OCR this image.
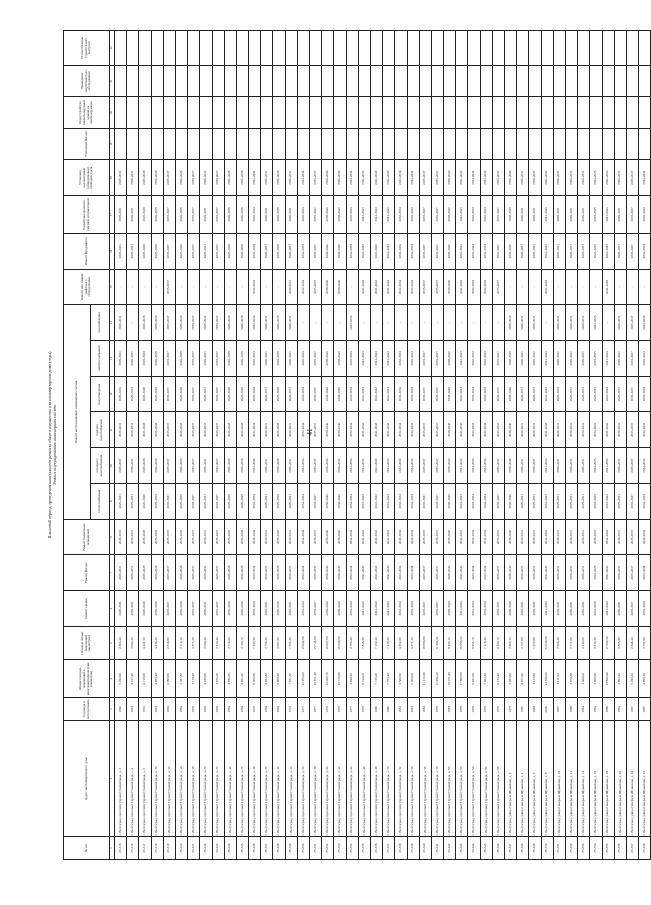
41
Плановый период проведения капитального ремонта общего имущества в многоквартирном доме (годы) Ремонт внутридомовых инженерных систем
№ п/п	Адрес многоквартирного дома	Год ввода в эксплуатацию	Общая площадь помещений в многоквартирном доме (кв.метров)	Площадь жилых помещений (кв.метров)	Ремонт крыши	Ремонт фасада	Ремонт подвальных помещений	Ремонт внутридомовых инженерных систем						Ремонт или замена лифтового оборудования	Ремонт фундамента	Разработка проектно-сметной документации	Установка коллективных (общедомовых) приборов учета	Утепление фасада	Переустройство невентилируемой крыши на вентилируемую	Проведение энергетического обследования	Осуществление строительного контроля
								теплоснабжения	холодного водоснабжения	горячего водоснабжения	водоотведения	электроснабжения	газоснабжения								
1	2	3	4	5	6	7	8	9	10	11	12	13	14	15	16	17	18	19	20	21	22
35.315	г. Волгоград, проспект Героев Сталинграда, д. 2	1960	3 052,90	2 863,40	2029-2031	2029-2031	2029-2031	2029-2031	2029-2031	2029-2031	2029-2031	2029-2031	2029-2031	-	2029-2031	2029-2031	2029-2031				
35.316	г. Волгоград, проспект Героев Сталинграда, д. 4	1961	2 217,40	2 082,40	2029-2031	2029-2031	2029-2031	2029-2031	2029-2031	2029-2031	2029-2031	2029-2031	-	-	2029-2031	2029-2031	2029-2031				
35.317	г. Волгоград, проспект Героев Сталинграда, д. 8	1961	4 719,00	4 421,50	2026-2028	2026-2028	2026-2028	2026-2028	2026-2028	2026-2028	2026-2028	2026-2028	2026-2028	-	2026-2028	2026-2028	2026-2028				
35.318	г. Волгоград, проспект Героев Сталинграда, д. 10	1961	4 695,40	4 436,40	2026-2028	2026-2028	2026-2028	2026-2028	2026-2028	2026-2028	2026-2028	2026-2028	2026-2028	-	2026-2028	2026-2028	2026-2028				
35.319	г. Волгоград, проспект Героев Сталинграда, д. 12	1963	2 995,60	2 810,80	2035-2037	2035-2037	2035-2037	2035-2037	2035-2037	2035-2037	2035-2037	2035-2037	2035-2037	2035-2037	2035-2037	2035-2037	2035-2037				
35.320	г. Волгоград, проспект Героев Сталинграда, д. 14	1964	3 397,80	3 174,10	2026-2028	2026-2028	2026-2028	2026-2028	2026-2028	2026-2028	2026-2028	2026-2028	2026-2028	-	2026-2028	2026-2028	2026-2028				
35.321	г. Волгоград, проспект Героев Сталинграда, д. 18	1970	4 119,40	3 877,20	2035-2037	2035-2037	2035-2037	2035-2037	2035-2037	2035-2037	2035-2037	2035-2037	2035-2037	-	2035-2037	2035-2037	2035-2037				
35.322	г. Волгоград, проспект Героев Сталинграда, д. 20	1963	3 259,90	3 050,30	2029-2031	2029-2031	2029-2031	2029-2031	2029-2031	2029-2031	2029-2031	2029-2031	2029-2031	-	2029-2031	2029-2031	2029-2031				
35.323	г. Волгоград, проспект Героев Сталинграда, д. 22	1970	2 676,30	2 510,40	2035-2037	2035-2037	2035-2037	2035-2037	2035-2037	2035-2037	2035-2037	2035-2037	2035-2037	-	2035-2037	2035-2037	2035-2037				
35.324	г. Волгоград, проспект Героев Сталинграда, д. 24	1964	2 956,80	2 774,60	2026-2028	2026-2028	2026-2028	2026-2028	2026-2028	2026-2028	2026-2028	2026-2028	2026-2028	-	2026-2028	2026-2028	2026-2028				
35.325	г. Волгоград, проспект Героев Сталинграда, д. 26	1964	2 961,40	2 783,70	2026-2028	2026-2028	2026-2028	2026-2028	2026-2028	2026-2028	2026-2028	2026-2028	2026-2028	-	2026-2028	2026-2028	2026-2028				
35.326	г. Волгоград, проспект Героев Сталинграда, д. 28	1970	8 306,80	7 613,50	2032-2034	2032-2034	2032-2034	2032-2034	2032-2034	2032-2034	2032-2034	2032-2034	2032-2034	2032-2034	2032-2034	2032-2034	2032-2034				
35.327	г. Волгоград, проспект Героев Сталинграда, д. 30	1964	2 932,80	2 756,30	2029-2031	2029-2031	2029-2031	2029-2031	2029-2031	2029-2031	2029-2031	2029-2031	2029-2031	-	2029-2031	2029-2031	2029-2031				
35.328	г. Волгоград, проспект Героев Сталинграда, д. 32	1964	2 860,40	2 687,20	2026-2028	2026-2028	2026-2028	2026-2028	2026-2028	2026-2028	2026-2028	2026-2028	2026-2028	-	2026-2028	2026-2028	2026-2028				
35.329	г. Волгоград, проспект Героев Сталинграда, д. 34	1972	7 937,20	7 352,30	2029-2031	2029-2031	2029-2031	2029-2031	2029-2031	2029-2031	2029-2031	2029-2031	2029-2031	2029-2031	2029-2031	2029-2031	2029-2031				
35.330	г. Волгоград, проспект Героев Сталинграда, д. 36	1977	16 953,00	15 822,90	2032-2034	2032-2034	2032-2034	2032-2034	2032-2034	2032-2034	2032-2034	2032-2034	-	2032-2034	2032-2034	2032-2034	2032-2034				
35.331	г. Волгоград, проспект Героев Сталинграда, д. 38	1977	16 871,20	15 724,80	2035-2037	2035-2037	2035-2037	2035-2037	2035-2037	2035-2037	2035-2037	2035-2037	-	2035-2037	2035-2037	2035-2037	2035-2037				
35.332	г. Волгоград, проспект Героев Сталинграда, д. 40	1978	20 095,70	18 827,60	2038-2040	2038-2040	2038-2040	2038-2040	2038-2040	2038-2040	2038-2040	2038-2040	-	2038-2040	2038-2040	2038-2040	2038-2040				
35.333	г. Волгоград, проспект Героев Сталинграда, д. 42	1978	16 725,00	15 630,50	2038-2040	2038-2040	2038-2040	2038-2040	2038-2040	2038-2040	2038-2040	2038-2040	-	2038-2040	2038-2040	2038-2040	2038-2040				
35.334	г. Волгоград, проспект Героев Сталинграда, д. 44	1977	2 948,20	2 765,40	2032-2034	2032-2034	2032-2034	2032-2034	2032-2034	2032-2034	2032-2034	2032-2034	2032-2034	-	2032-2034	2032-2034	2032-2034				
35.335	г. Волгоград, проспект Героев Сталинграда, д. 46	1978	8 414,00	7 836,20	2041-2043	2041-2043	2041-2043	2041-2043	2041-2043	2041-2043	2041-2043	2041-2043	-	2041-2043	2041-2043	2041-2043	2041-2043				
35.336	г. Волгоград, проспект Героев Сталинграда, д. 48	1980	7 735,40	7 152,40	2041-2043	2041-2043	2041-2043	2041-2043	2041-2043	2041-2043	2041-2043	2041-2043	-	2041-2043	2041-2043	2041-2043	2041-2043				
35.337	г. Волгоград, проспект Героев Сталинграда, д. 50	1980	7 765,40	7 129,20	2041-2043	2041-2043	2041-2043	2041-2043	2041-2043	2041-2043	2041-2043	2041-2043	-	2041-2043	2041-2043	2041-2043	2041-2043				
35.338	г. Волгоград, проспект Героев Сталинграда, д. 52	1981	4 580,50	4 262,80	2032-2034	2032-2034	2032-2034	2032-2034	2032-2034	2032-2034	2032-2034	2032-2034	-	2032-2034	2032-2034	2032-2034	2032-2034				
35.339	г. Волгоград, проспект Героев Сталинграда, д. 54	1981	6 560,00	5 871,10	2032-2034	2032-2034	2032-2034	2032-2034	2032-2034	2032-2034	2032-2034	2032-2034	-	2032-2034	2032-2034	2032-2034	2032-2034				
35.340	г. Волгоград, проспект Героев Сталинграда, д. 56	1982	21 213,30	19 850,90	2035-2037	2035-2037	2035-2037	2035-2037	2035-2037	2035-2037	2035-2037	2035-2037	-	2035-2037	2035-2037	2035-2037	2035-2037				
35.341	г. Волгоград, проспект Героев Сталинграда, д. 58	1978	11 994,20	11 264,50	2035-2037	2035-2037	2035-2037	2035-2037	2035-2037	2035-2037	2035-2037	2035-2037	-	2035-2037	2035-2037	2035-2037	2035-2037				
35.342	г. Волгоград, проспект Героев Сталинграда, д. 60	1983	10 071,60	9 403,10	2038-2040	2038-2040	2038-2040	2038-2040	2038-2040	2038-2040	2038-2040	2038-2040	-	2038-2040	2038-2040	2038-2040	2038-2040				
35.343	г. Волгоград, проспект Героев Сталинграда, д. 62	1979	17 869,60	16 653,50	2041-2043	2041-2043	2041-2043	2041-2043	2041-2043	2041-2043	2041-2043	2041-2043	-	2041-2043	2041-2043	2041-2043	2041-2043				
35.344	г. Волгоград, проспект Героев Сталинграда, д. 64	1976	9 641,60	8 965,70	2032-2034	2032-2034	2032-2034	2032-2034	2032-2034	2032-2034	2032-2034	2032-2034	-	2032-2034	2032-2034	2032-2034	2032-2034				
35.345	г. Волгоград, проспект Героев Сталинграда, д. 66	1978	7 832,20	7 270,40	2032-2034	2032-2034	2032-2034	2032-2034	2032-2034	2032-2034	2032-2034	2032-2034	-	2032-2034	2032-2034	2032-2034	2032-2034				
35.346	г. Волгоград, проспект Героев Сталинграда, д. 68	1979	9 155,40	8 520,70	2035-2037	2035-2037	2035-2037	2035-2037	2035-2037	2035-2037	2035-2037	2035-2037	-	2035-2037	2035-2037	2035-2037	2035-2037				
35.347	г. Волгоград, улица Генерала Шумилова, д. 2	1975	3 052,60	2 862,10	2038-2040	2038-2040	2038-2040	2038-2040	2038-2040	2038-2040	2038-2040	2038-2040	2038-2040	-	2038-2040	2038-2040	2038-2040				
35.348	г. Волгоград, улица Генерала Шумилова, д. 4	1987	2 977,60	2 757,00	2029-2031	2029-2031	2029-2031	2029-2031	2029-2031	2029-2031	2029-2031	2029-2031	2029-2031	-	2029-2031	2029-2031	2029-2031				
35.349	г. Волгоград, улица Генерала Шумилова, д. 6	1984	2 113,30	1 970,80	2029-2031	2029-2031	2029-2031	2029-2031	2029-2031	2029-2031	2029-2031	2029-2031	2029-2031	-	2029-2031	2029-2031	2029-2031				
35.350	г. Волгоград, улица Генерала Шумилова, д. 8	2000	24 556,00	23 038,20	2041-2043	2041-2043	2041-2043	2041-2043	2041-2043	2041-2043	2041-2043	2041-2043	-	2041-2043	2041-2043	2041-2043	2041-2043				
35.351	г. Волгоград, улица Генерала Шумилова, д. 10	1967	3 111,60	2 906,20	2029-2031	2029-2031	2029-2031	2029-2031	2029-2031	2029-2031	2029-2031	2029-2031	2029-2031	-	2029-2031	2029-2031	2029-2031				
35.352	г. Волгоград, улица Генерала Шумилова, д. 12	1988	2 978,80	2 771,60	2029-2031	2029-2031	2029-2031	2029-2031	2029-2031	2029-2031	2029-2031	2029-2031	2029-2031	-	2029-2031	2029-2031	2029-2031				
35.353	г. Волгоград, улица Генерала Шумилова, д. 14	1964	2 308,00	2 156,90	2029-2031	2029-2031	2029-2031	2029-2031	2029-2031	2029-2031	2029-2031	2029-2031	2029-2031	-	2029-2031	2029-2031	2029-2031				
35.354	г. Волгоград, улица Генерала Шумилова, д. 16	1964	3 006,90	2 812,30	2023-2025	2023-2025	2023-2025	2023-2025	2023-2025	2023-2025	2023-2025	2023-2025	2023-2025	-	2023-2025	2023-2025	2023-2025				
35.355	г. Волгоград, улица Генерала Шумилова, д. 18	1986	18 820,40	17 600,30	2041-2043	2041-2043	2041-2043	2041-2043	2041-2043	2041-2043	2041-2043	2041-2043	-	2041-2043	2041-2043	2041-2043	2041-2043				
35.356	г. Волгоград, улица Генерала Шумилова, д. 20	1964	2 992,40	2 805,40	2029-2031	2029-2031	2029-2031	2029-2031	2029-2031	2029-2031	2029-2031	2029-2031	2029-2031	-	2029-2031	2029-2031	2029-2031				
35.357	г. Волгоград, улица Генерала Шумилова, д. 22	1987	3 050,30	2 848,40	2035-2037	2035-2037	2035-2037	2035-2037	2035-2037	2035-2037	2035-2037	2035-2037	2035-2037	-	2035-2037	2035-2037	2035-2037				
35.358	г. Волгоград, улица Генерала Шумилова, д. 24	1987	2 995,30	2 791,90	2032-2034	2032-2034	2032-2034	2032-2034	2032-2034	2032-2034	2032-2034	2032-2034	2032-2034	-	2032-2034	2032-2034	2032-2034				
